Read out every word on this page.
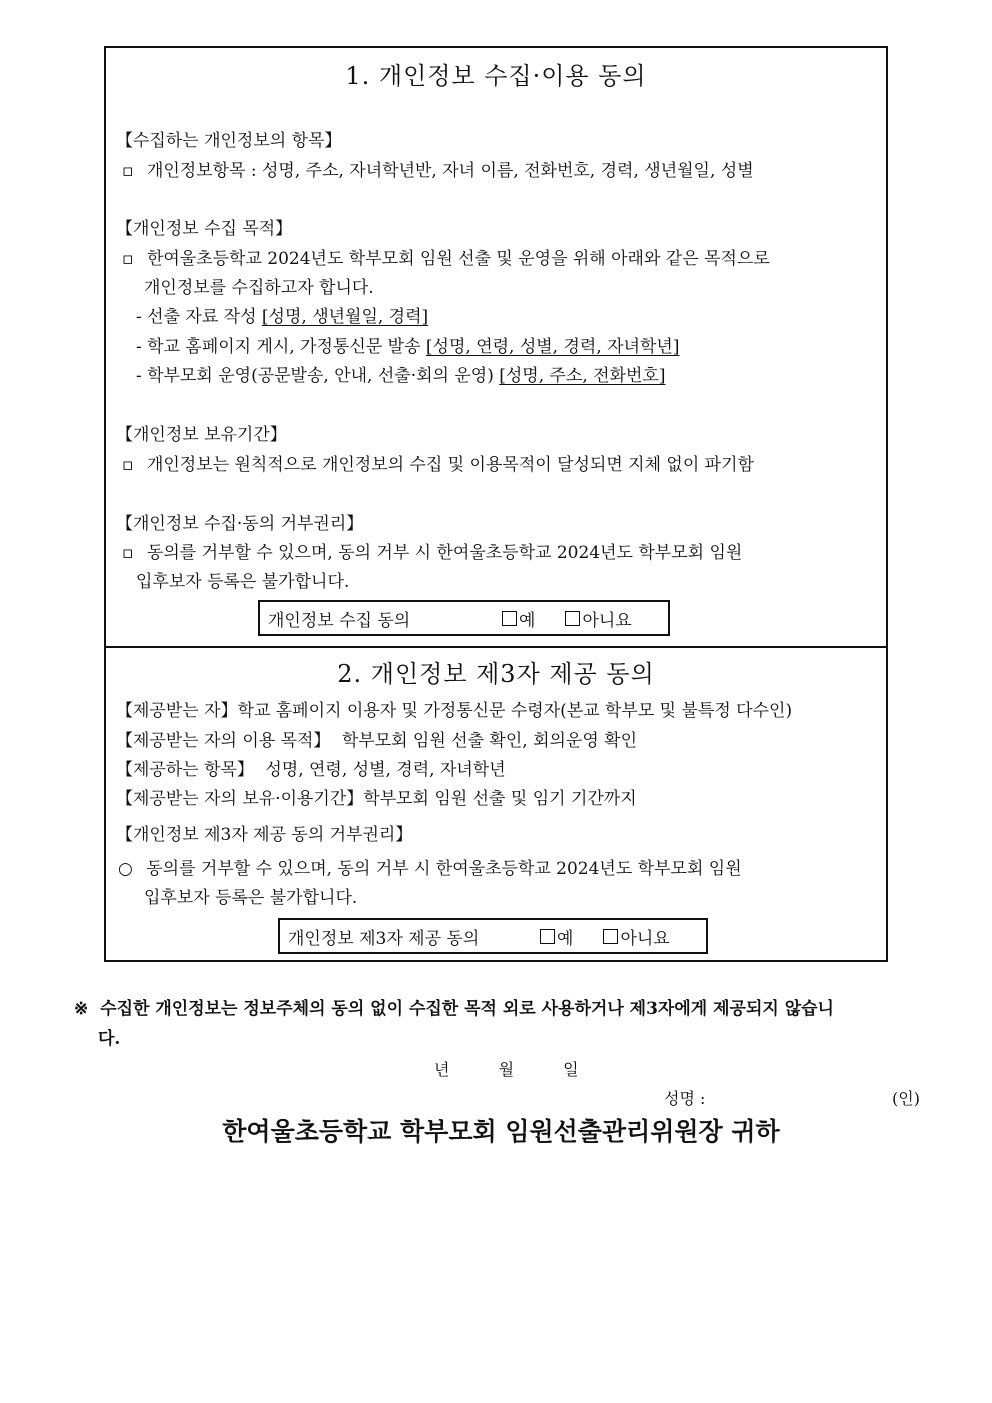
1. 개인정보 수집·이용 동의
【수집하는 개인정보의 항목】
▫ 개인정보항목 : 성명, 주소, 자녀학년반, 자녀 이름, 전화번호, 경력, 생년월일, 성별
【개인정보 수집 목적】
▫ 한여울초등학교 2024년도 학부모회 임원 선출 및 운영을 위해 아래와 같은 목적으로
개인정보를 수집하고자 합니다.
- 선출 자료 작성 [성명, 생년월일, 경력]
- 학교 홈페이지 게시, 가정통신문 발송 [성명, 연령, 성별, 경력, 자녀학년]
- 학부모회 운영(공문발송, 안내, 선출·회의 운영) [성명, 주소, 전화번호]
【개인정보 보유기간】
▫ 개인정보는 원칙적으로 개인정보의 수집 및 이용목적이 달성되면 지체 없이 파기함
【개인정보 수집·동의 거부권리】
▫ 동의를 거부할 수 있으며, 동의 거부 시 한여울초등학교 2024년도 학부모회 임원
입후보자 등록은 불가합니다.
개인정보 수집 동의	예	아니요
2. 개인정보 제3자 제공 동의
【제공받는 자】학교 홈페이지 이용자 및 가정통신문 수령자(본교 학부모 및 불특정 다수인)
【제공받는 자의 이용 목적】 학부모회 임원 선출 확인, 회의운영 확인
【제공하는 항목】 성명, 연령, 성별, 경력, 자녀학년
【제공받는 자의 보유·이용기간】학부모회 임원 선출 및 임기 기간까지
【개인정보 제3자 제공 동의 거부권리】
○ 동의를 거부할 수 있으며, 동의 거부 시 한여울초등학교 2024년도 학부모회 임원
입후보자 등록은 불가합니다.
개인정보 제3자 제공 동의	예	아니요
※ 수집한 개인정보는 정보주체의 동의 없이 수집한 목적 외로 사용하거나 제3자에게 제공되지 않습니
다.
년	월	일
성명 :	(인)
한여울초등학교 학부모회 임원선출관리위원장 귀하
